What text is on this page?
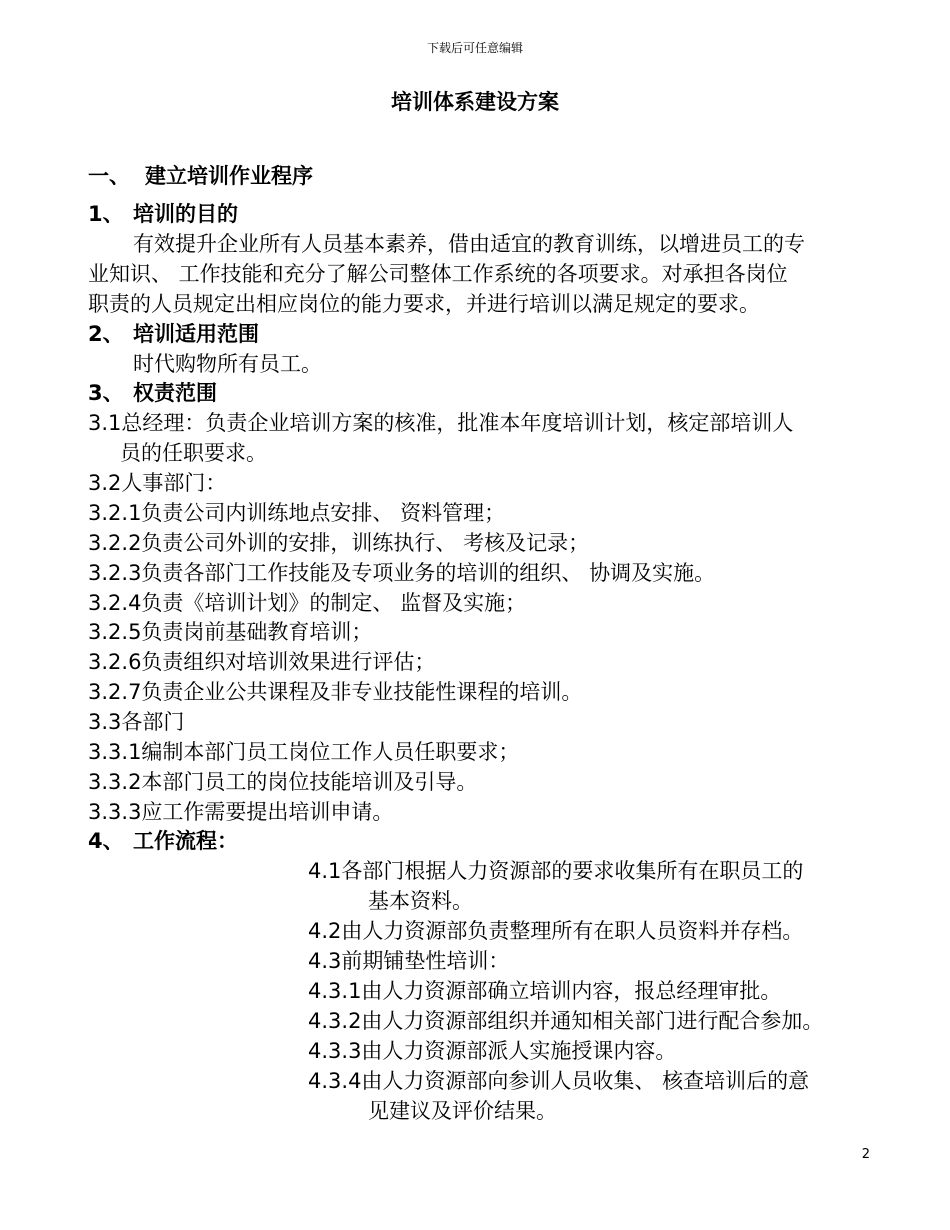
下载后可任意编辑
培训体系建设方案
一、 建立培训作业程序
1、 培训的目的
有效提升企业所有人员基本素养，借由适宜的教育训练，以增进员工的专
业知识、 工作技能和充分了解公司整体工作系统的各项要求。对承担各岗位
职责的人员规定出相应岗位的能力要求，并进行培训以满足规定的要求。
2、 培训适用范围
时代购物所有员工。
3、 权责范围
3.1总经理：负责企业培训方案的核准，批准本年度培训计划，核定部培训人
员的任职要求。
3.2人事部门：
3.2.1负责公司内训练地点安排、 资料管理；
3.2.2负责公司外训的安排，训练执行、 考核及记录；
3.2.3负责各部门工作技能及专项业务的培训的组织、 协调及实施。
3.2.4负责《培训计划》的制定、 监督及实施；
3.2.5负责岗前基础教育培训；
3.2.6负责组织对培训效果进行评估；
3.2.7负责企业公共课程及非专业技能性课程的培训。
3.3各部门
3.3.1编制本部门员工岗位工作人员任职要求；
3.3.2本部门员工的岗位技能培训及引导。
3.3.3应工作需要提出培训申请。
4、 工作流程：
4.1各部门根据人力资源部的要求收集所有在职员工的
基本资料。
4.2由人力资源部负责整理所有在职人员资料并存档。
4.3前期铺垫性培训：
4.3.1由人力资源部确立培训内容，报总经理审批。
4.3.2由人力资源部组织并通知相关部门进行配合参加。
4.3.3由人力资源部派人实施授课内容。
4.3.4由人力资源部向参训人员收集、 核查培训后的意
见建议及评价结果。
2
